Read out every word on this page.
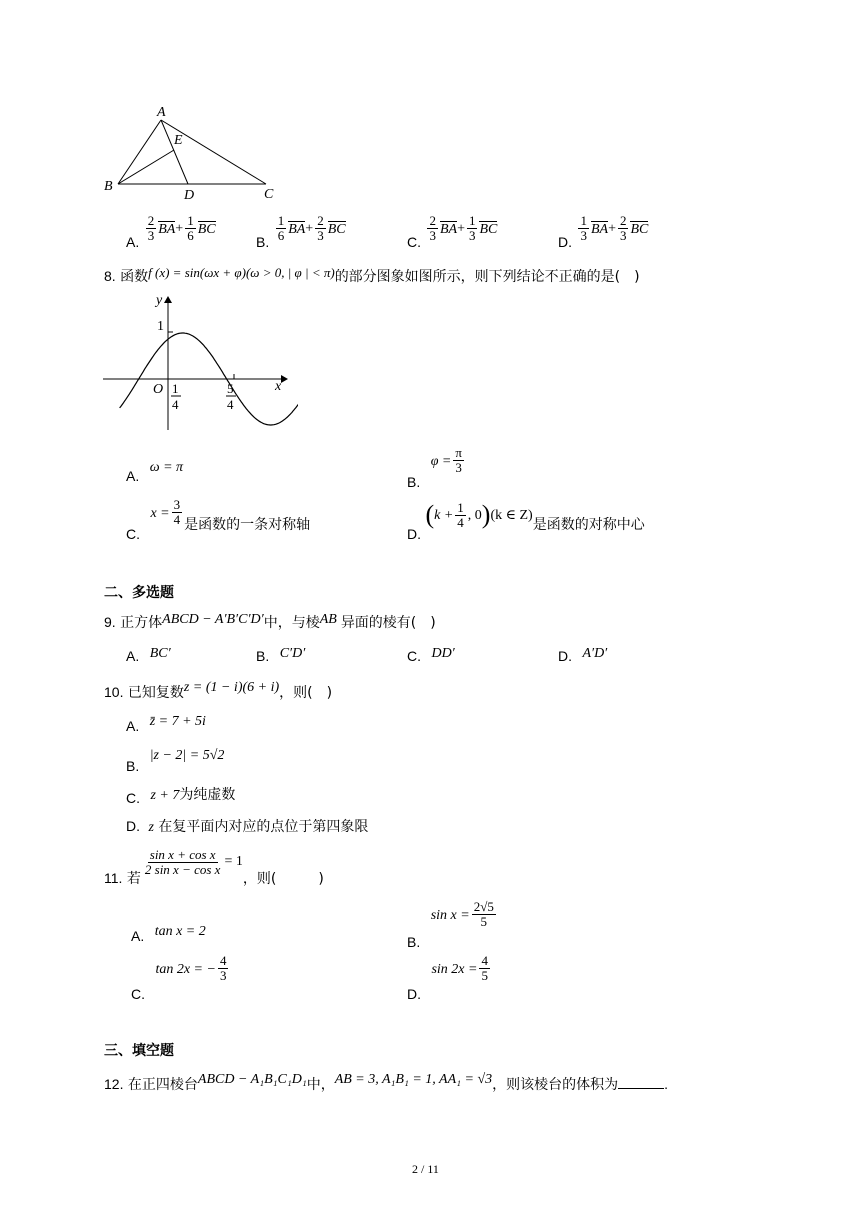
A
E
B
D	C
A. $\frac{2}{3} BA+ \frac{1}{6}$ BC
B. $\frac{1}{6} BA+ \frac{2}{3}$ BC
C. $\frac{2}{3} BA+ \frac{1}{3}$ BC
D. $\frac{1}{3} BA+ \frac{2}{3}$ BC
8. 函数f (x) = sin(ωx + φ)(ω > 0, | φ | < π)的部分图象如图所示，则下列结论不正确的是(　)
y
x
O
1
1
4
5
4
A. ω = π
B. $\varphi = \frac{\pi}{3}$
C. $x = \frac{3}{4}$ 是函数的一条对称轴
D. ($k + \frac{1}{4}$ , 0)(k ∈ Z)是函数的对称中心
二、多选题
9. 正方体ABCD − A′B′C′D′中，与棱AB 异面的棱有(　)
A. BC′	B. C′D′	C. DD′	D. A′D′
10. 已知复数z = (1 − i)(6 + i)，则(　)
A. z̄ = 7 + 5i
B. |z − 2| = 5√2
C. z + 7为纯虚数
D. z 在复平面内对应的点位于第四象限
11. 若
$\frac{\text{sin x + cos x}}{\text{2 sin x − cos x}} = 1$，则(　　　)
A. tan x = 2
B. $\sin x = \frac{2√5}{5}$
C. tan 2x = − $\frac{4}{3}$
D. $\sin 2x = \frac{4}{5}$
三、填空题
12. 在正四棱台ABCD − A₁B₁C₁D₁中，AB = 3, A₁B₁ = 1, AA₁ = √3，则该棱台的体积为	.
2 / 11
